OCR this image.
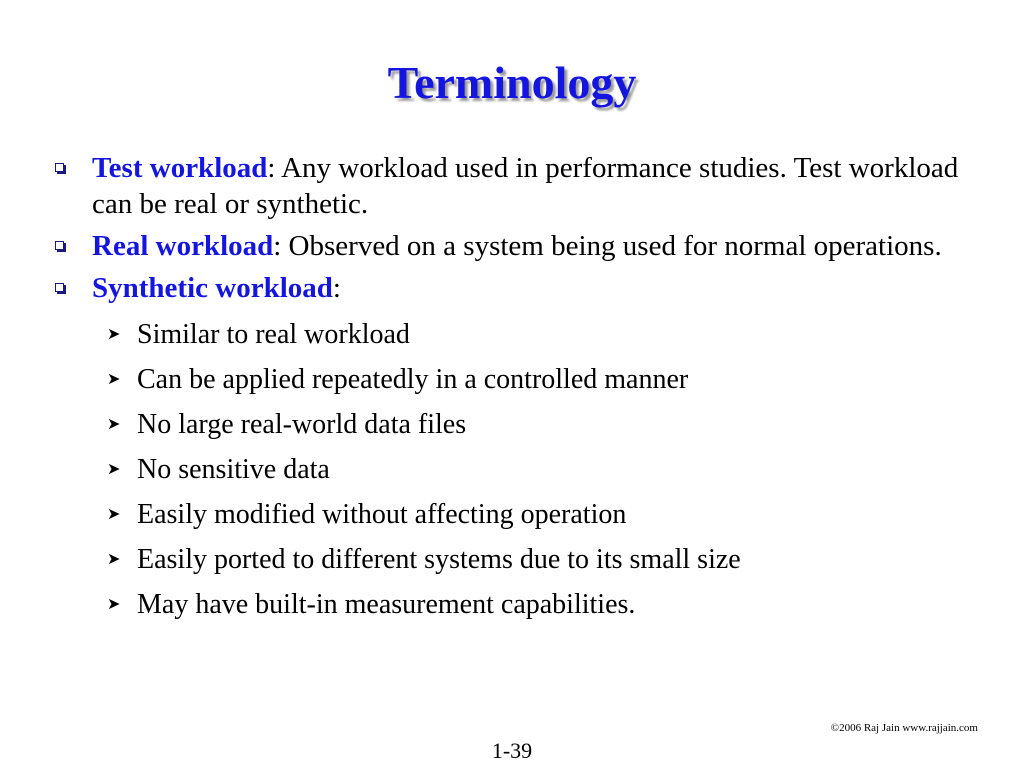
Terminology
Test workload: Any workload used in performance studies. Test workload can be real or synthetic.
Real workload: Observed on a system being used for normal operations.
Synthetic workload:
➤ Similar to real workload
➤ Can be applied repeatedly in a controlled manner
➤ No large real-world data files
➤ No sensitive data
➤ Easily modified without affecting operation
➤ Easily ported to different systems due to its small size
➤ May have built-in measurement capabilities.
©2006 Raj Jain www.rajjain.com
1-39
